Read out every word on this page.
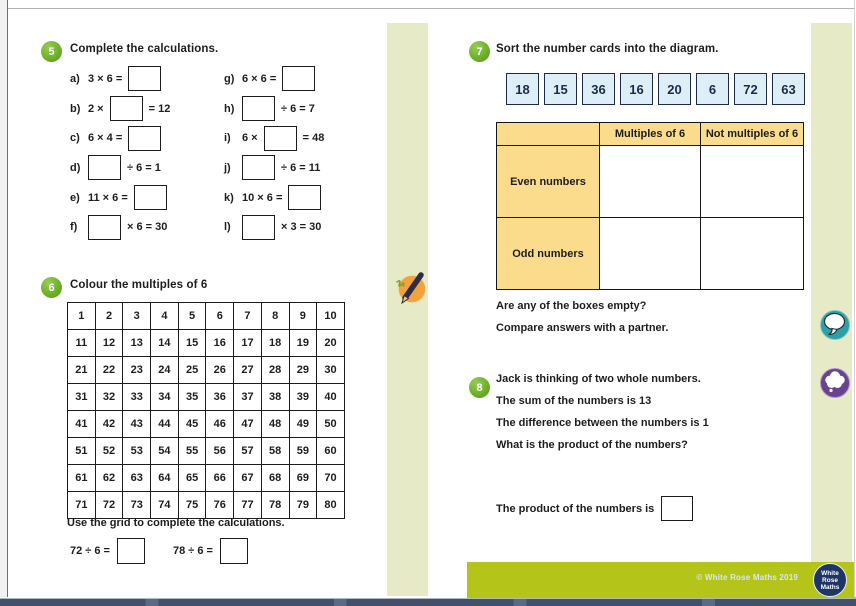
5	Complete the calculations.
a) 3 × 6 =
b) 2 ×	= 12
c) 6 × 4 =
d)	÷ 6 = 1
e) 11 × 6 =
f)	× 6 = 30
g) 6 × 6 =
h)	÷ 6 = 7
i)	6 ×	= 48
j)	÷ 6 = 11
k) 10 × 6 =
l)	× 3 = 30
6	Colour the multiples of 6
1	2	3	4	5	6	7	8	9	10
11	12	13	14	15	16	17	18	19	20
21	22	23	24	25	26	27	28	29	30
31	32	33	34	35	36	37	38	39	40
41	42	43	44	45	46	47	48	49	50
51	52	53	54	55	56	57	58	59	60
61	62	63	64	65	66	67	68	69	70
71	72	73	74	75	76	77	78	79	80
Use the grid to complete the calculations.
72 ÷ 6 =	78 ÷ 6 =
7	Sort the number cards into the diagram.
18	15	36	16	20	6	72	63
	Multiples of 6	Not multiples of 6
Even numbers		
Odd numbers		
Are any of the boxes empty?
Compare answers with a partner.
8

Jack is thinking of two whole numbers.

The sum of the numbers is 13

The difference between the numbers is 1

What is the product of the numbers?

The product of the numbers is
© White Rose Maths 2019	White
Rose
Maths
